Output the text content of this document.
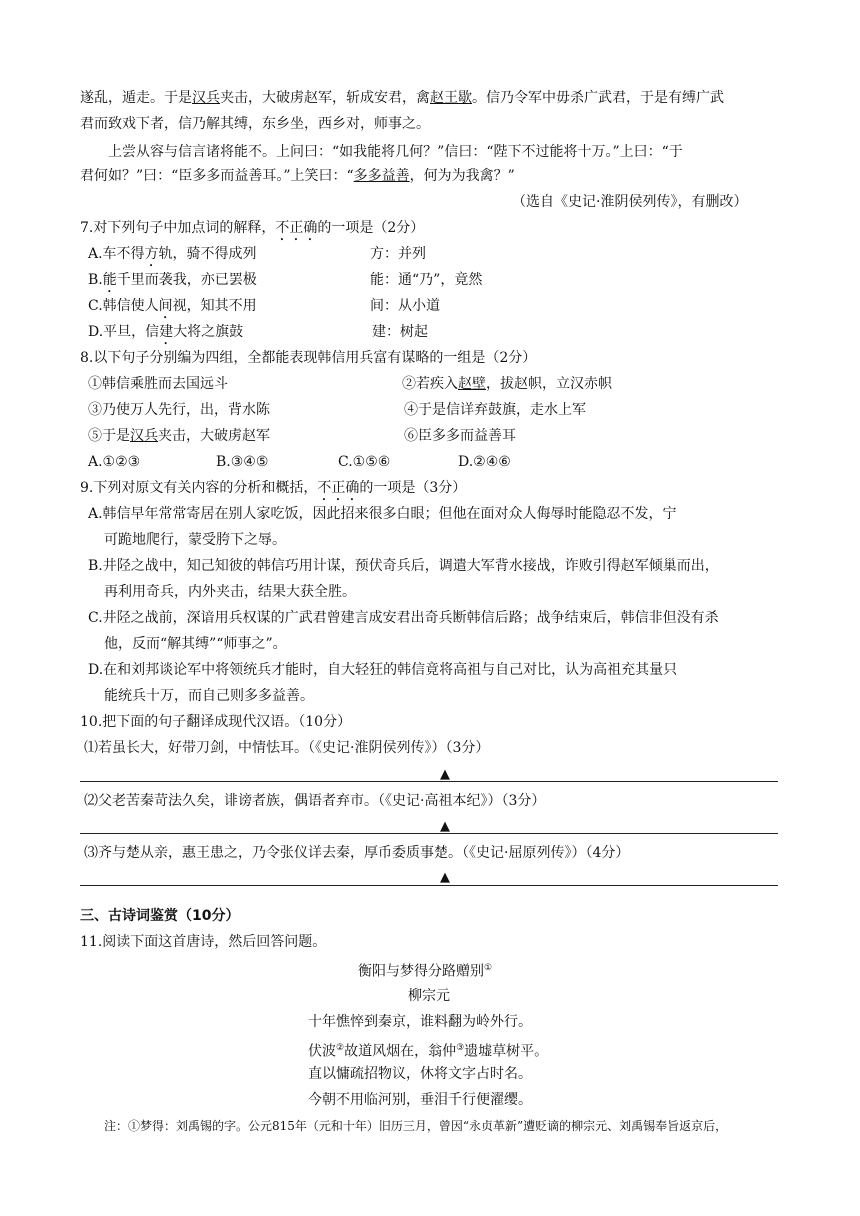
遂乱，遁走。于是汉兵夹击，大破虏赵军，斩成安君，禽赵王歇。信乃令军中毋杀广武君，于是有缚广武
君而致戏下者，信乃解其缚，东乡坐，西乡对，师事之。
上尝从容与信言诸将能不。上问曰：“如我能将几何？”信曰：“陛下不过能将十万。”上曰：“于
君何如？”曰：“臣多多而益善耳。”上笑曰：“多多益善，何为为我禽？”
（选自《史记·淮阴侯列传》，有删改）
7.对下列句子中加点词的解释，不正确的一项是（2分）
A.车不得方轨，骑不得成列	方：并列
B.能千里而袭我，亦已罢极	能：通“乃”，竟然
C.韩信使人间视，知其不用	间：从小道
D.平旦，信建大将之旗鼓	建：树起
8.以下句子分别编为四组，全都能表现韩信用兵富有谋略的一组是（2分）
①韩信乘胜而去国远斗	②若疾入赵壁，拔赵帜，立汉赤帜
③乃使万人先行，出，背水陈	④于是信详弃鼓旗，走水上军
⑤于是汉兵夹击，大破虏赵军	⑥臣多多而益善耳
A.①②③	B.③④⑤	C.①⑤⑥	D.②④⑥
9.下列对原文有关内容的分析和概括，不正确的一项是（3分）
A.韩信早年常常寄居在别人家吃饭，因此招来很多白眼；但他在面对众人侮辱时能隐忍不发，宁
可跪地爬行，蒙受胯下之辱。
B.井陉之战中，知己知彼的韩信巧用计谋，预伏奇兵后，调遣大军背水接战，诈败引得赵军倾巢而出，
再利用奇兵，内外夹击，结果大获全胜。
C.井陉之战前，深谙用兵权谋的广武君曾建言成安君出奇兵断韩信后路；战争结束后，韩信非但没有杀
他，反而“解其缚”“师事之”。
D.在和刘邦谈论军中将领统兵才能时，自大轻狂的韩信竟将高祖与自己对比，认为高祖充其量只
能统兵十万，而自己则多多益善。
10.把下面的句子翻译成现代汉语。（10分）
⑴若虽长大，好带刀剑，中情怯耳。（《史记·淮阴侯列传》）（3分）
▲
⑵父老苦秦苛法久矣，诽谤者族，偶语者弃市。（《史记·高祖本纪》）（3分）
▲
⑶齐与楚从亲，惠王患之，乃令张仪详去秦，厚币委质事楚。（《史记·屈原列传》）（4分）
▲
三、古诗词鉴赏（10分）
11.阅读下面这首唐诗，然后回答问题。
衡阳与梦得分路赠别①
柳宗元
十年憔悴到秦京，谁料翻为岭外行。
伏波②故道风烟在，翁仲③遗墟草树平。
直以慵疏招物议，休将文字占时名。
今朝不用临河别，垂泪千行便濯缨。
注：①梦得：刘禹锡的字。公元815年（元和十年）旧历三月，曾因“永贞革新”遭贬谪的柳宗元、刘禹锡奉旨返京后，
